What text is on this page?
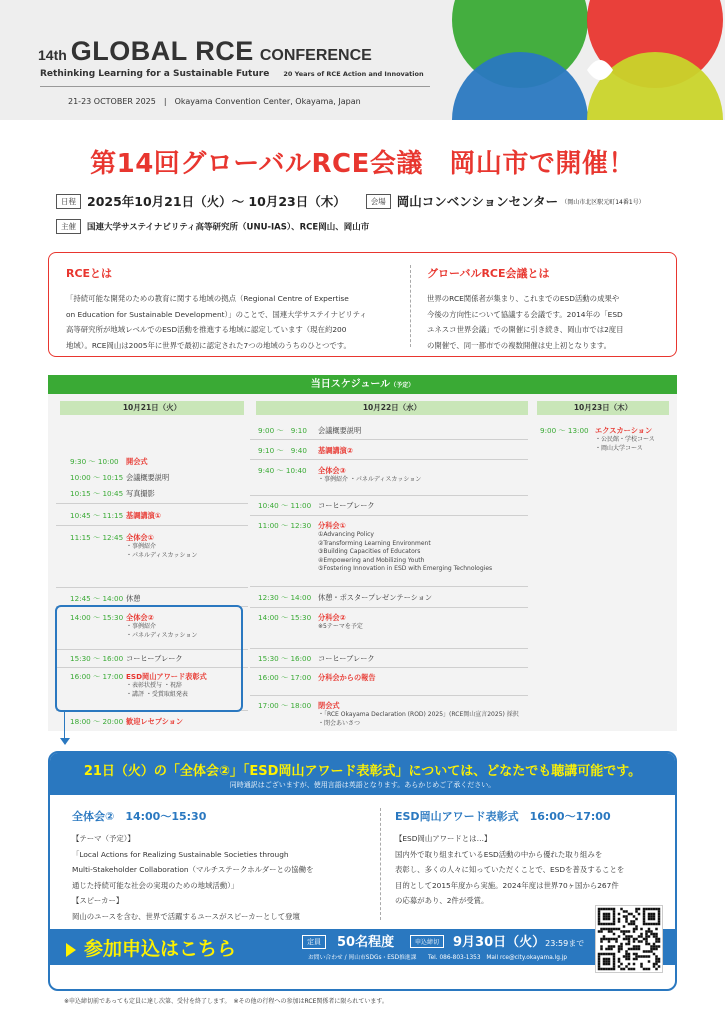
14th GLOBAL RCE CONFERENCE
Rethinking Learning for a Sustainable Future 20 Years of RCE Action and Innovation
21-23 OCTOBER 2025 | Okayama Convention Center, Okayama, Japan
第14回グローバルRCE会議　岡山市で開催！
日程 2025年10月21日（火）～ 10月23日（木）	会場 岡山コンベンションセンター （岡山市北区駅元町14番1号）
主催 国連大学サステイナビリティ高等研究所（UNU-IAS）、RCE岡山、岡山市
RCEとは

「持続可能な開発のための教育に関する地域の拠点（Regional Centre of Expertise
on Education for Sustainable Development）」のことで、国連大学サステイナビリティ
高等研究所が地域レベルでのESD活動を推進する地域に認定しています（現在約200
地域）。RCE岡山は2005年に世界で最初に認定された7つの地域のうちのひとつです。

グローバルRCE会議とは

世界のRCE関係者が集まり、これまでのESD活動の成果や
今後の方向性について協議する会議です。2014年の「ESD
ユネスコ世界会議」での開催に引き続き、岡山市では2度目
の開催で、同一都市での複数開催は史上初となります。

当日スケジュール（予定）
10月21日（火）	10月22日（水）	10月23日（木）
9:30 ～ 10:00 開会式
10:00 ～ 10:15 会議概要説明
10:15 ～ 10:45 写真撮影
10:45 ～ 11:15 基調講演①
11:15 ～ 12:45 全体会①
・事例紹介
・パネルディスカッション
12:45 ～ 14:00 休憩
14:00 ～ 15:30 全体会②
・事例紹介
・パネルディスカッション
15:30 ～ 16:00 コーヒーブレーク
16:00 ～ 17:00 ESD岡山アワード表彰式
・表彰状授与 ・祝辞
・講評 ・受賞取組発表
18:00 ～ 20:00 歓迎レセプション
9:00 ～　9:10 会議概要説明
9:10 ～　9:40 基調講演②
9:40 ～ 10:40 全体会③
・事例紹介 ・パネルディスカッション
10:40 ～ 11:00 コーヒーブレーク
11:00 ～ 12:30 分科会①
①Advancing Policy
②Transforming Learning Environment
③Building Capacities of Educators
④Empowering and Mobilizing Youth
⑤Fostering Innovation in ESD with Emerging Technologies
12:30 ～ 14:00 休憩・ポスタープレゼンテーション
14:00 ～ 15:30 分科会②
※5テーマを予定
15:30 ～ 16:00 コーヒーブレーク
16:00 ～ 17:00 分科会からの報告
17:00 ～ 18:00 閉会式
・「RCE Okayama Declaration (ROD) 2025」(RCE岡山宣言2025) 採択
・閉会あいさつ
9:00 ～ 13:00 エクスカーション
・公民館・学校コース
・岡山大学コース
21日（火）の「全体会②」「ESD岡山アワード表彰式」については、どなたでも聴講可能です。
同時通訳はございますが、使用言語は英語となります。あらかじめご了承ください。
全体会②　14:00～15:30

【テーマ（予定）】
「Local Actions for Realizing Sustainable Societies through
Multi-Stakeholder Collaboration（マルチステークホルダーとの協働を
通じた持続可能な社会の実現のための地域活動）」
【スピーカー】
岡山のユースを含む、世界で活躍するユースがスピーカーとして登壇

ESD岡山アワード表彰式　16:00～17:00

【ESD岡山アワードとは…】
国内外で取り組まれているESD活動の中から優れた取り組みを
表彰し、多くの人々に知っていただくことで、ESDを普及することを
目的として2015年度から実施。2024年度は世界70ヶ国から267件
の応募があり、2件が受賞。

参加申込はこちら	定員	50名程度	申込締切	9月30日（火）23:59まで
お問い合わせ / 岡山市SDGs・ESD推進課　　Tel. 086-803-1353　Mail rce@city.okayama.lg.jp
※申込締切前であっても定員に達し次第、受付を終了します。　※その他の行程への参加はRCE関係者に限られています。
